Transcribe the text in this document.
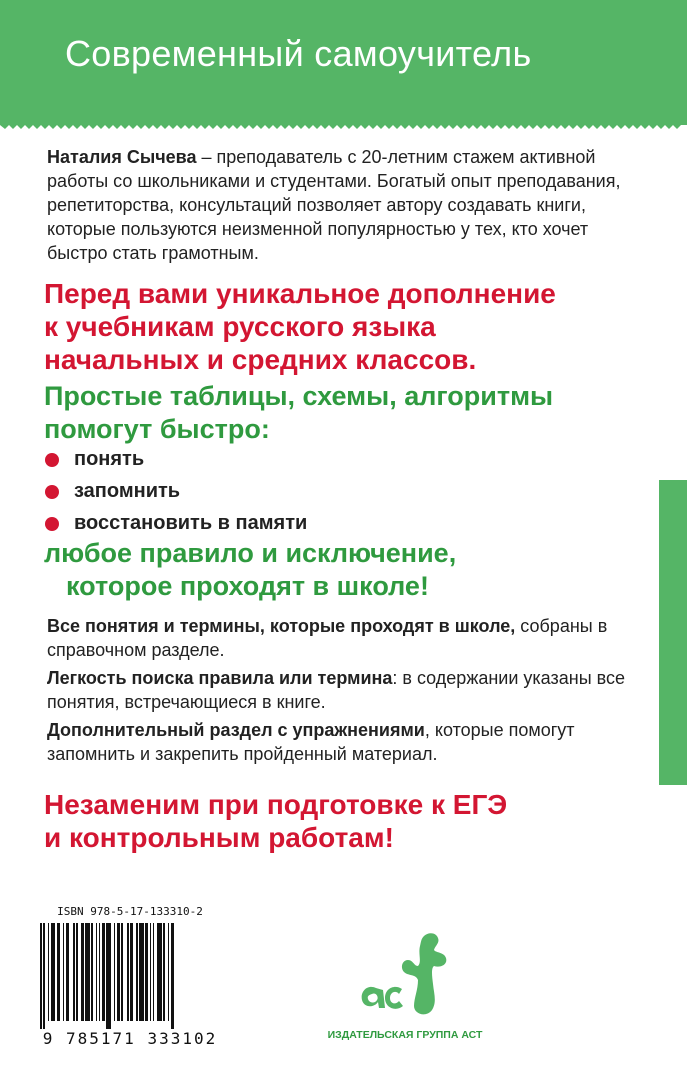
Современный самоучитель
Наталия Сычева – преподаватель с 20-летним стажем активной работы со школьниками и студентами. Богатый опыт преподавания, репетиторства, консультаций позволяет автору создавать книги, которые пользуются неизменной популярностью у тех, кто хочет быстро стать грамотным.
Перед вами уникальное дополнение
к учебникам русского языка
начальных и средних классов.
Простые таблицы, схемы, алгоритмы
помогут быстро:
понять
запомнить
восстановить в памяти
любое правило и исключение,
которое проходят в школе!
Все понятия и термины, которые проходят в школе, собраны в справочном разделе.
Легкость поиска правила или термина: в содержании указаны все понятия, встречающиеся в книге.
Дополнительный раздел с упражнениями, которые помогут запомнить и закрепить пройденный материал.
Незаменим при подготовке к ЕГЭ
и контрольным работам!
ISBN 978-5-17-133310-2
9 785171 333102	ИЗДАТЕЛЬСКАЯ ГРУППА АСТ
